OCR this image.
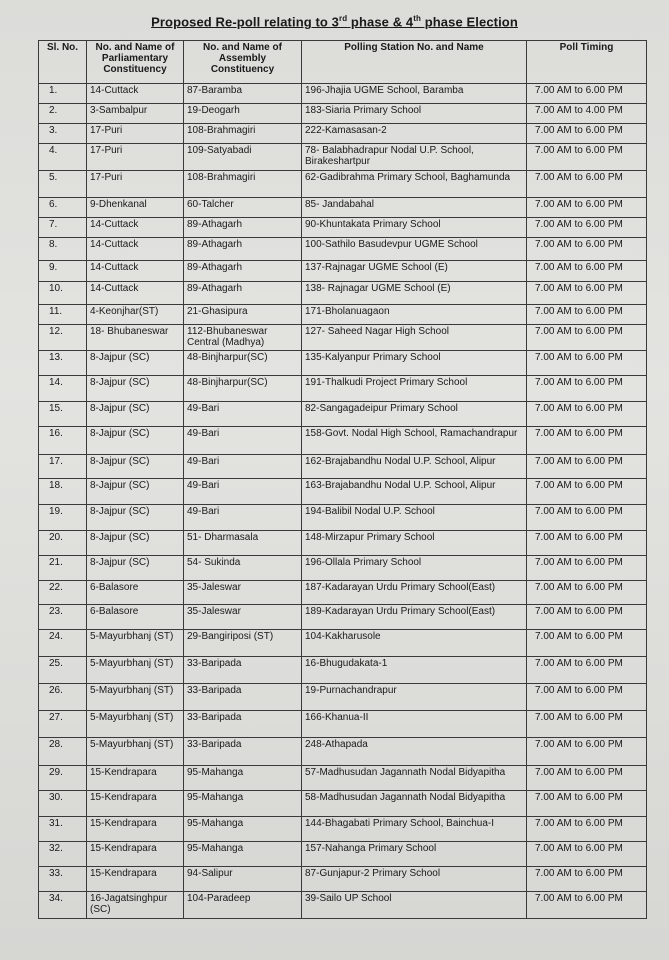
Proposed Re-poll relating to 3rd phase & 4th phase Election
Sl. No.	No. and Name of Parliamentary Constituency	No. and Name of Assembly Constituency	Polling Station No. and Name	Poll Timing
1.	14-Cuttack	87-Baramba	196-Jhajia UGME School, Baramba	7.00 AM to 6.00 PM
2.	3-Sambalpur	19-Deogarh	183-Siaria Primary School	7.00 AM to 4.00 PM
3.	17-Puri	108-Brahmagiri	222-Kamasasan-2	7.00 AM to 6.00 PM
4.	17-Puri	109-Satyabadi	78- Balabhadrapur Nodal U.P. School, Birakeshartpur	7.00 AM to 6.00 PM
5.	17-Puri	108-Brahmagiri	62-Gadibrahma Primary School, Baghamunda	7.00 AM to 6.00 PM
6.	9-Dhenkanal	60-Talcher	85- Jandabahal	7.00 AM to 6.00 PM
7.	14-Cuttack	89-Athagarh	90-Khuntakata Primary School	7.00 AM to 6.00 PM
8.	14-Cuttack	89-Athagarh	100-Sathilo Basudevpur UGME School	7.00 AM to 6.00 PM
9.	14-Cuttack	89-Athagarh	137-Rajnagar UGME School (E)	7.00 AM to 6.00 PM
10.	14-Cuttack	89-Athagarh	138- Rajnagar UGME School (E)	7.00 AM to 6.00 PM
11.	4-Keonjhar(ST)	21-Ghasipura	171-Bholanuagaon	7.00 AM to 6.00 PM
12.	18- Bhubaneswar	112-Bhubaneswar Central (Madhya)	127- Saheed Nagar High School	7.00 AM to 6.00 PM
13.	8-Jajpur (SC)	48-Binjharpur(SC)	135-Kalyanpur Primary School	7.00 AM to 6.00 PM
14.	8-Jajpur (SC)	48-Binjharpur(SC)	191-Thalkudi Project Primary School	7.00 AM to 6.00 PM
15.	8-Jajpur (SC)	49-Bari	82-Sangagadeipur Primary School	7.00 AM to 6.00 PM
16.	8-Jajpur (SC)	49-Bari	158-Govt. Nodal High School, Ramachandrapur	7.00 AM to 6.00 PM
17.	8-Jajpur (SC)	49-Bari	162-Brajabandhu Nodal U.P. School, Alipur	7.00 AM to 6.00 PM
18.	8-Jajpur (SC)	49-Bari	163-Brajabandhu Nodal U.P. School, Alipur	7.00 AM to 6.00 PM
19.	8-Jajpur (SC)	49-Bari	194-Balibil Nodal U.P. School	7.00 AM to 6.00 PM
20.	8-Jajpur (SC)	51- Dharmasala	148-Mirzapur Primary School	7.00 AM to 6.00 PM
21.	8-Jajpur (SC)	54- Sukinda	196-Ollala Primary School	7.00 AM to 6.00 PM
22.	6-Balasore	35-Jaleswar	187-Kadarayan Urdu Primary School(East)	7.00 AM to 6.00 PM
23.	6-Balasore	35-Jaleswar	189-Kadarayan Urdu Primary School(East)	7.00 AM to 6.00 PM
24.	5-Mayurbhanj (ST)	29-Bangiriposi (ST)	104-Kakharusole	7.00 AM to 6.00 PM
25.	5-Mayurbhanj (ST)	33-Baripada	16-Bhugudakata-1	7.00 AM to 6.00 PM
26.	5-Mayurbhanj (ST)	33-Baripada	19-Purnachandrapur	7.00 AM to 6.00 PM
27.	5-Mayurbhanj (ST)	33-Baripada	166-Khanua-II	7.00 AM to 6.00 PM
28.	5-Mayurbhanj (ST)	33-Baripada	248-Athapada	7.00 AM to 6.00 PM
29.	15-Kendrapara	95-Mahanga	57-Madhusudan Jagannath Nodal Bidyapitha	7.00 AM to 6.00 PM
30.	15-Kendrapara	95-Mahanga	58-Madhusudan Jagannath Nodal Bidyapitha	7.00 AM to 6.00 PM
31.	15-Kendrapara	95-Mahanga	144-Bhagabati Primary School, Bainchua-I	7.00 AM to 6.00 PM
32.	15-Kendrapara	95-Mahanga	157-Nahanga Primary School	7.00 AM to 6.00 PM
33.	15-Kendrapara	94-Salipur	87-Gunjapur-2 Primary School	7.00 AM to 6.00 PM
34.	16-Jagatsinghpur (SC)	104-Paradeep	39-Sailo UP School	7.00 AM to 6.00 PM
